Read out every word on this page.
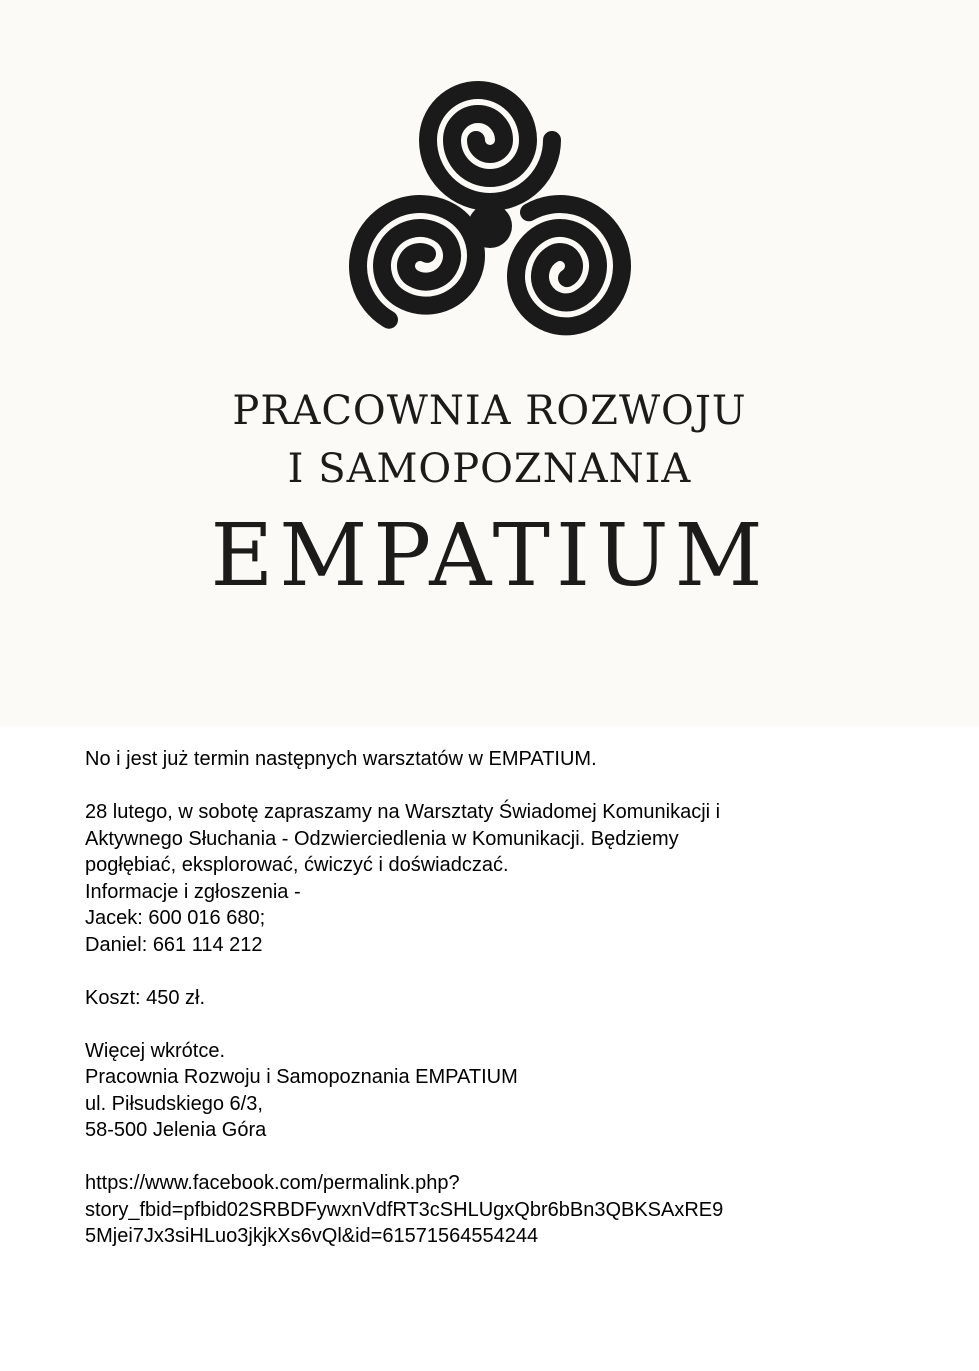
PRACOWNIA ROZWOJU

I SAMOPOZNANIA

EMPATIUM

No i jest już termin następnych warsztatów w EMPATIUM.

28 lutego, w sobotę zapraszamy na Warsztaty Świadomej Komunikacji i

Aktywnego Słuchania - Odzwierciedlenia w Komunikacji. Będziemy

pogłębiać, eksplorować, ćwiczyć i doświadczać.

Informacje i zgłoszenia -

Jacek: 600 016 680;

Daniel: 661 114 212

Koszt: 450 zł.

Więcej wkrótce.

Pracownia Rozwoju i Samopoznania EMPATIUM

ul. Piłsudskiego 6/3,

58-500 Jelenia Góra

https://www.facebook.com/permalink.php?

story_fbid=pfbid02SRBDFywxnVdfRT3cSHLUgxQbr6bBn3QBKSAxRE9

5Mjei7Jx3siHLuo3jkjkXs6vQl&id=61571564554244
